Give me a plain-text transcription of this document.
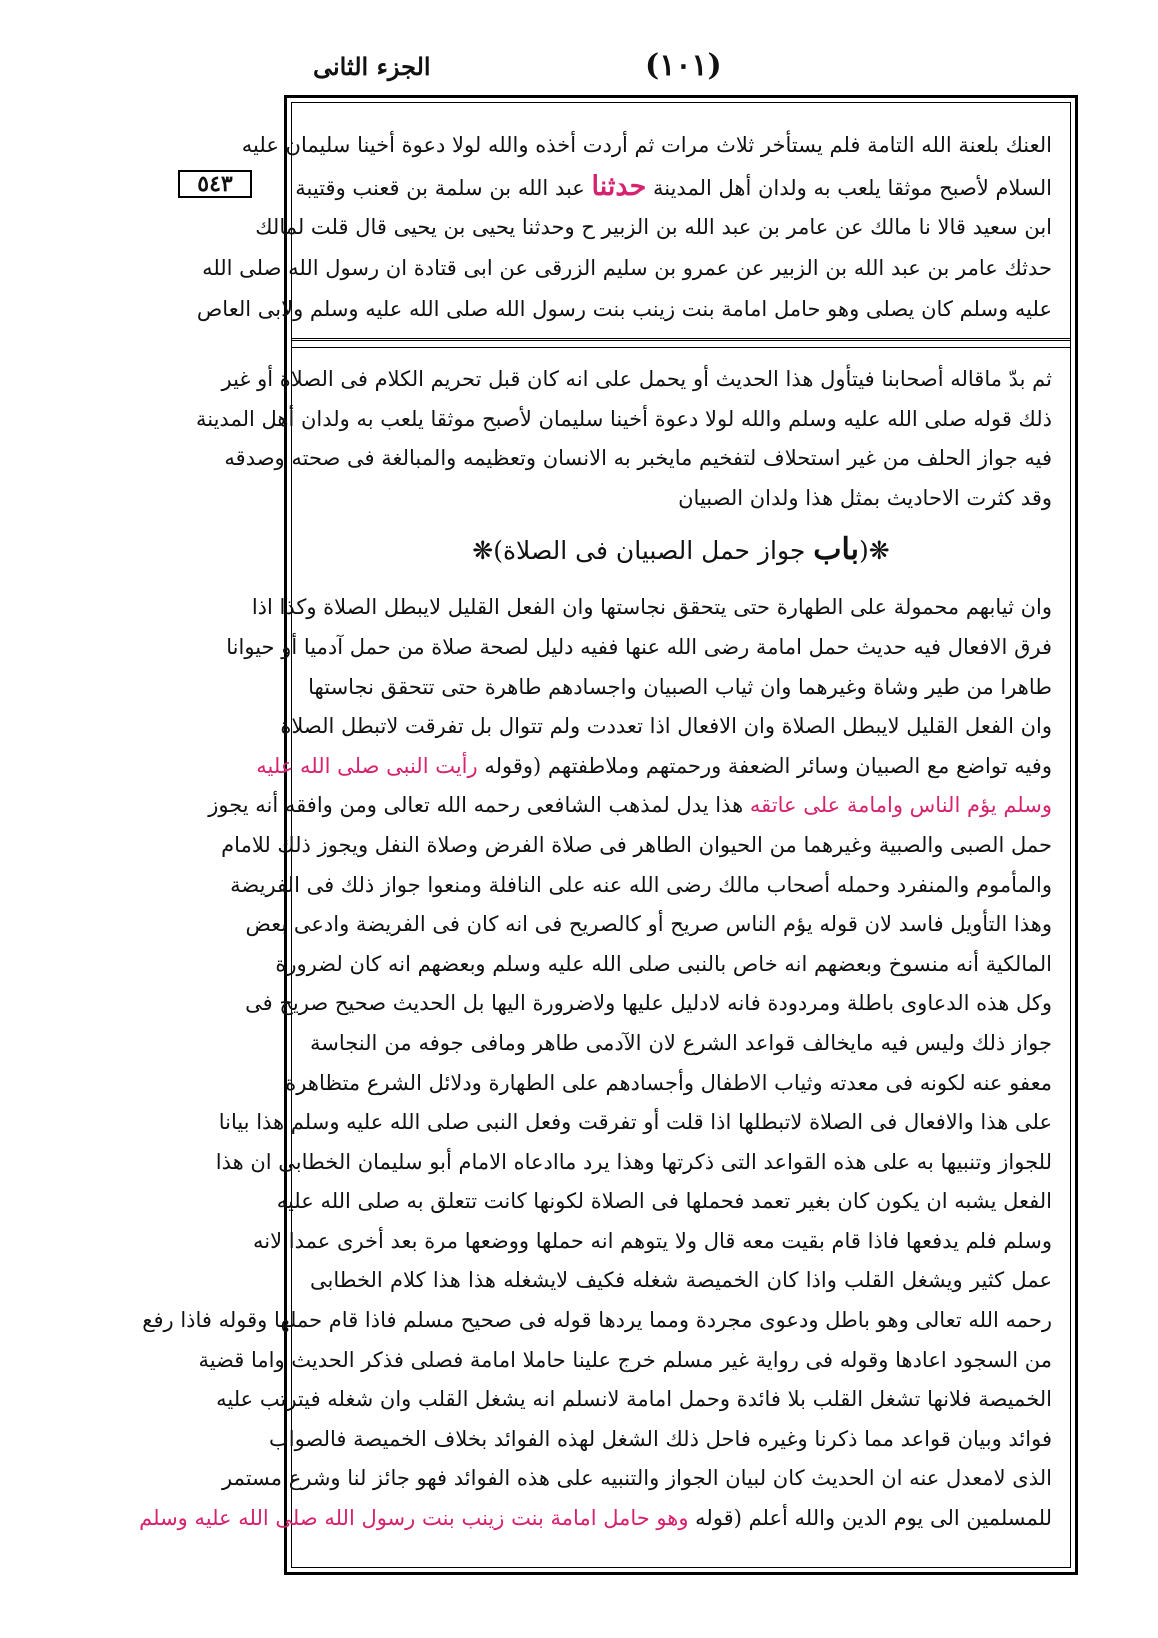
الجزء الثانى	(١٠١)
٥٤٣
العنك بلعنة الله التامة فلم يستأخر ثلاث مرات ثم أردت أخذه والله لولا دعوة أخينا سليمان عليه
السلام لأصبح موثقا يلعب به ولدان أهل المدينة حدثنا عبد الله بن سلمة بن قعنب وقتيبة
ابن سعيد قالا نا مالك عن عامر بن عبد الله بن الزبير ح وحدثنا يحيى بن يحيى قال قلت لمالك
حدثك عامر بن عبد الله بن الزبير عن عمرو بن سليم الزرقى عن ابى قتادة ان رسول الله صلى الله
عليه وسلم كان يصلى وهو حامل امامة بنت زينب بنت رسول الله صلى الله عليه وسلم ولابى العاص
ثم بدّ ماقاله أصحابنا فيتأول هذا الحديث أو يحمل على انه كان قبل تحريم الكلام فى الصلاة أو غير
ذلك قوله صلى الله عليه وسلم والله لولا دعوة أخينا سليمان لأصبح موثقا يلعب به ولدان أهل المدينة
فيه جواز الحلف من غير استحلاف لتفخيم مايخبر به الانسان وتعظيمه والمبالغة فى صحته وصدقه
وقد كثرت الاحاديث بمثل هذا ولدان الصبيان
❋(باب جواز حمل الصبيان فى الصلاة)❋
وان ثيابهم محمولة على الطهارة حتى يتحقق نجاستها وان الفعل القليل لايبطل الصلاة وكذا اذا
فرق الافعال فيه حديث حمل امامة رضى الله عنها ففيه دليل لصحة صلاة من حمل آدميا أو حيوانا
طاهرا من طير وشاة وغيرهما وان ثياب الصبيان واجسادهم طاهرة حتى تتحقق نجاستها
وان الفعل القليل لايبطل الصلاة وان الافعال اذا تعددت ولم تتوال بل تفرقت لاتبطل الصلاة
وفيه تواضع مع الصبيان وسائر الضعفة ورحمتهم وملاطفتهم (وقوله رأيت النبى صلى الله عليه
وسلم يؤم الناس وامامة على عاتقه هذا يدل لمذهب الشافعى رحمه الله تعالى ومن وافقه أنه يجوز
حمل الصبى والصبية وغيرهما من الحيوان الطاهر فى صلاة الفرض وصلاة النفل ويجوز ذلك للامام
والمأموم والمنفرد وحمله أصحاب مالك رضى الله عنه على النافلة ومنعوا جواز ذلك فى الفريضة
وهذا التأويل فاسد لان قوله يؤم الناس صريح أو كالصريح فى انه كان فى الفريضة وادعى بعض
المالكية أنه منسوخ وبعضهم انه خاص بالنبى صلى الله عليه وسلم وبعضهم انه كان لضرورة
وكل هذه الدعاوى باطلة ومردودة فانه لادليل عليها ولاضرورة اليها بل الحديث صحيح صريح فى
جواز ذلك وليس فيه مايخالف قواعد الشرع لان الآدمى طاهر ومافى جوفه من النجاسة
معفو عنه لكونه فى معدته وثياب الاطفال وأجسادهم على الطهارة ودلائل الشرع متظاهرة
على هذا والافعال فى الصلاة لاتبطلها اذا قلت أو تفرقت وفعل النبى صلى الله عليه وسلم هذا بيانا
للجواز وتنبيها به على هذه القواعد التى ذكرتها وهذا يرد ماادعاه الامام أبو سليمان الخطابى ان هذا
الفعل يشبه ان يكون كان بغير تعمد فحملها فى الصلاة لكونها كانت تتعلق به صلى الله عليه
وسلم فلم يدفعها فاذا قام بقيت معه قال ولا يتوهم انه حملها ووضعها مرة بعد أخرى عمدا لانه
عمل كثير ويشغل القلب واذا كان الخميصة شغله فكيف لايشغله هذا هذا كلام الخطابى
رحمه الله تعالى وهو باطل ودعوى مجردة ومما يردها قوله فى صحيح مسلم فاذا قام حملها وقوله فاذا رفع
من السجود اعادها وقوله فى رواية غير مسلم خرج علينا حاملا امامة فصلى فذكر الحديث واما قضية
الخميصة فلانها تشغل القلب بلا فائدة وحمل امامة لانسلم انه يشغل القلب وان شغله فيترتب عليه
فوائد وبيان قواعد مما ذكرنا وغيره فاحل ذلك الشغل لهذه الفوائد بخلاف الخميصة فالصواب
الذى لامعدل عنه ان الحديث كان لبيان الجواز والتنبيه على هذه الفوائد فهو جائز لنا وشرع مستمر
للمسلمين الى يوم الدين والله أعلم (قوله وهو حامل امامة بنت زينب بنت رسول الله صلى الله عليه وسلم
